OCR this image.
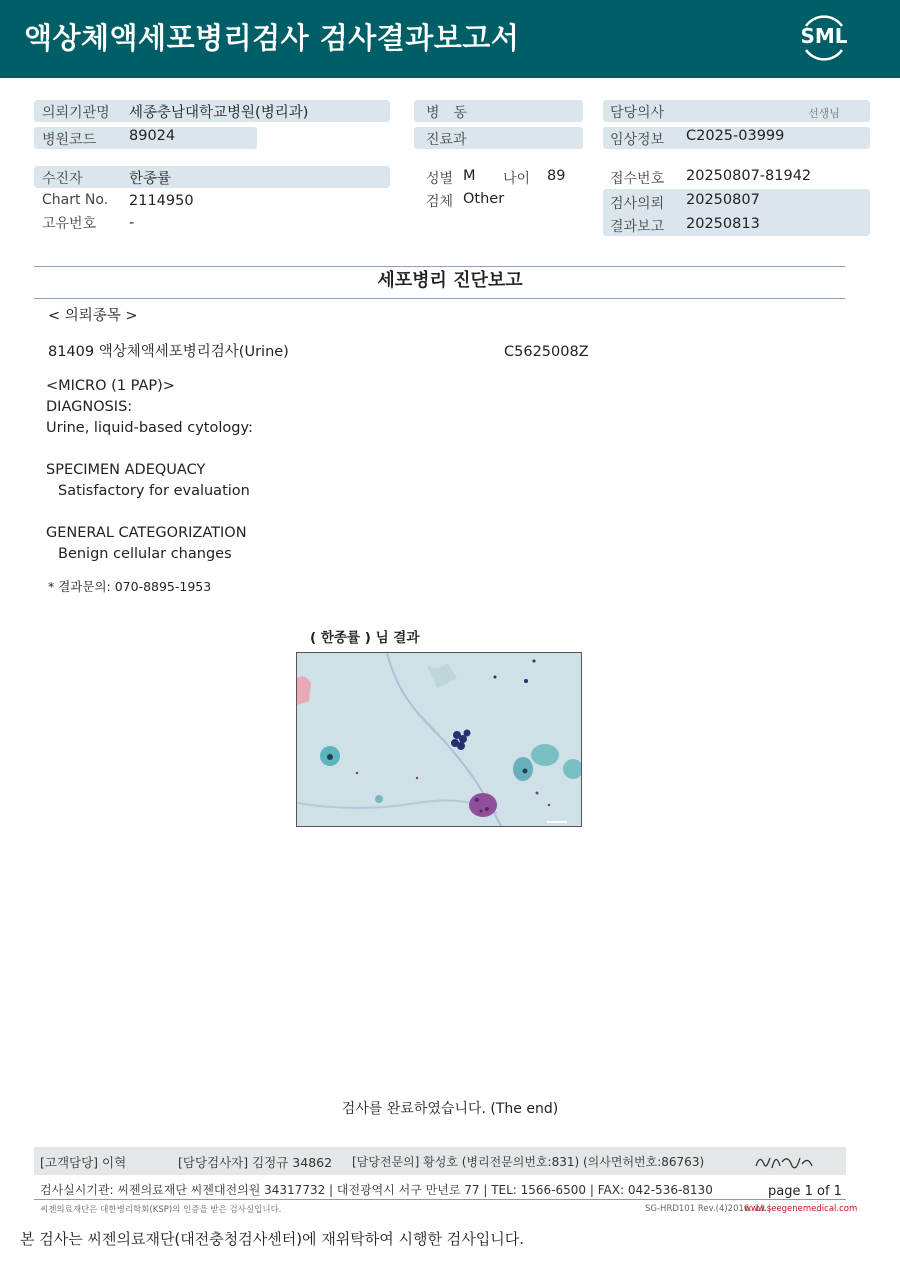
액상체액세포병리검사 검사결과보고서	SML
의뢰기관명 세종충남대학교병원(병리과)
병원코드 89024
병　동
진료과
담당의사	선생님
임상정보 C2025-03999
수진자	한종률
Chart No. 2114950
고유번호 -
성별 M 나이 89
검체 Other
접수번호 20250807-81942
검사의뢰 20250807
결과보고 20250813
세포병리 진단보고
< 의뢰종목 >
81409 액상체액세포병리검사(Urine)	C5625008Z
<MICRO (1 PAP)>
DIAGNOSIS:
Urine, liquid-based cytology:
SPECIMEN ADEQUACY
Satisfactory for evaluation
GENERAL CATEGORIZATION
Benign cellular changes
* 결과문의: 070-8895-1953
( 한종률 ) 님 결과
검사를 완료하였습니다. (The end)
[고객담당] 이혁	[담당검사자] 김정규 34862 [담당전문의] 황성호 (병리전문의번호:831) (의사면허번호:86763)
검사실시기관: 씨젠의료재단 씨젠대전의원 34317732 | 대전광역시 서구 만년로 77 | TEL: 1566-6500 | FAX: 042-536-8130	page 1 of 1
씨젠의료재단은 대한병리학회(KSP)의 인증을 받은 검사실입니다.	SG-HRD101 Rev.(4)2016. 11 |
www.seegenemedical.com
본 검사는 씨젠의료재단(대전충청검사센터)에 재위탁하여 시행한 검사입니다.
